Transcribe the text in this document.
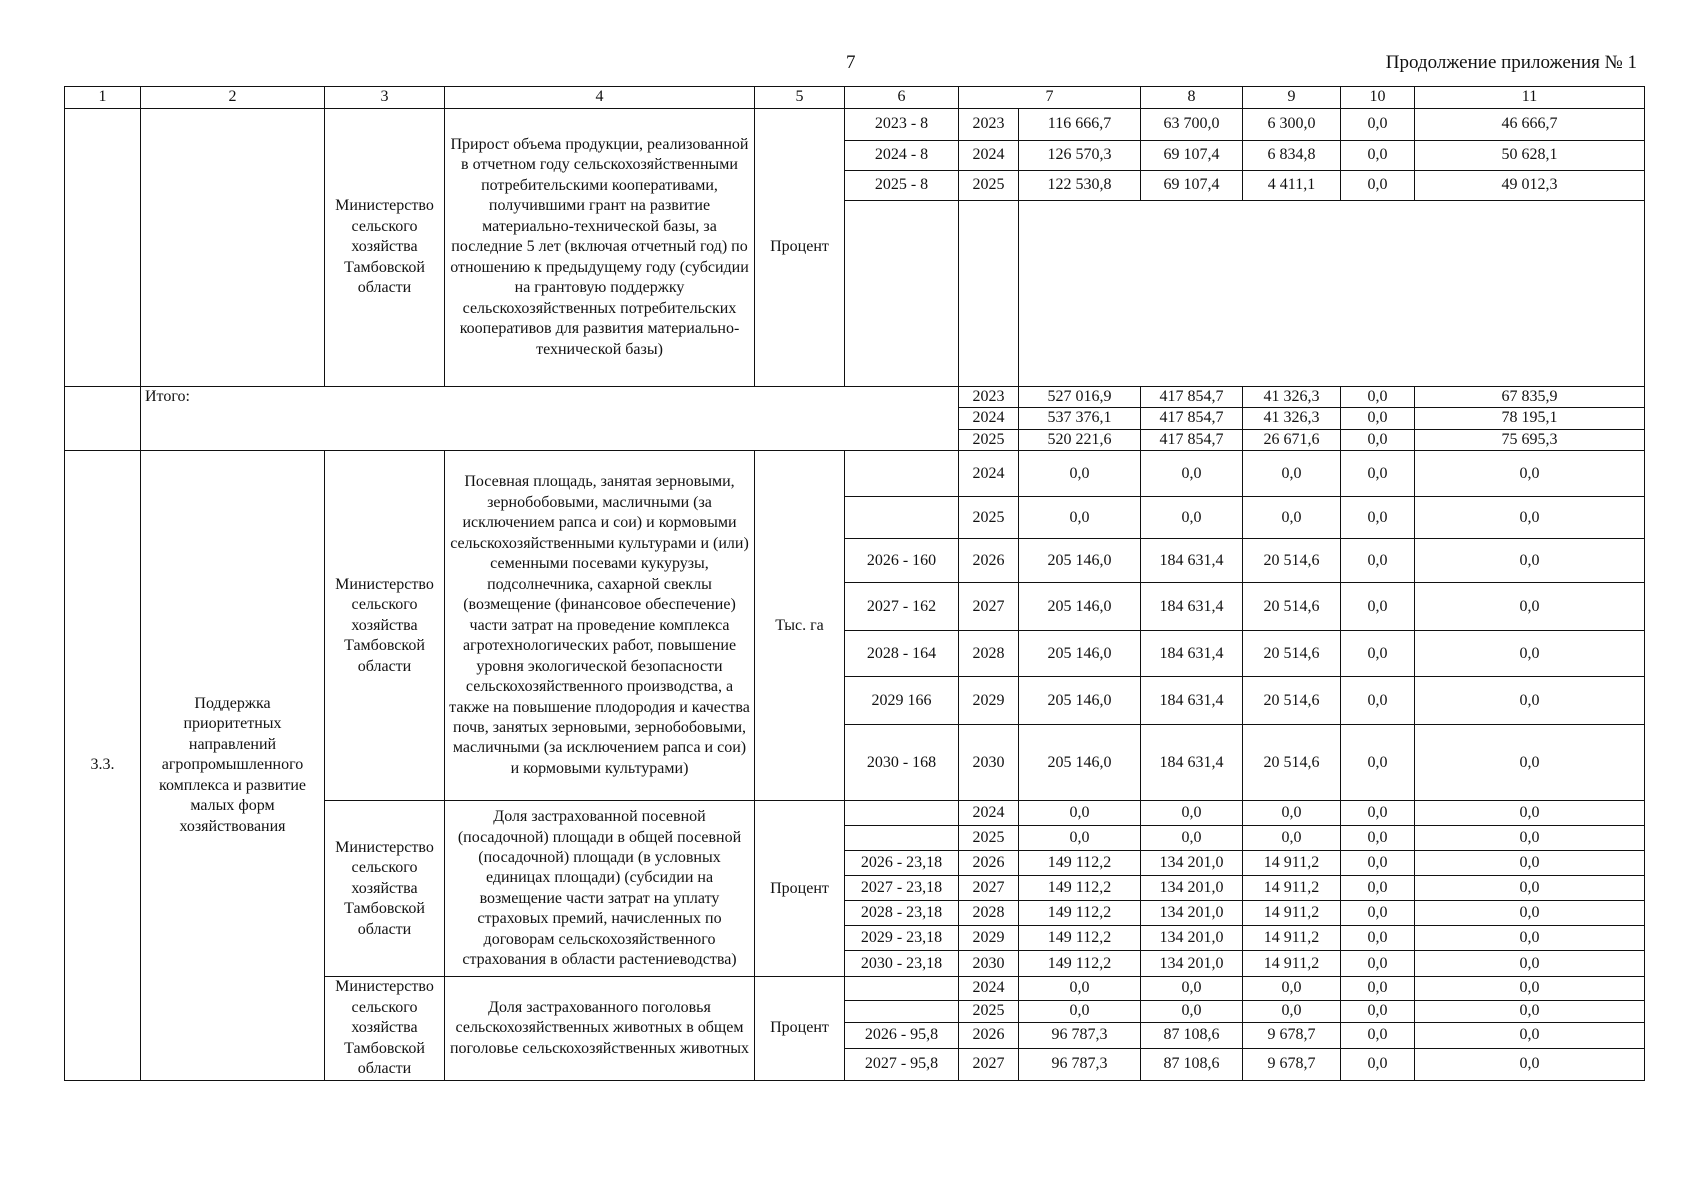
7	Продолжение приложения № 1
1	2	3	4	5	6	7		8	9	10	11
		Министерство сельского хозяйства Тамбовской области	Прирост объема продукции, реализованной в отчетном году сельскохозяйственными потребительскими кооперативами, получившими грант на развитие материально-технической базы, за последние 5 лет (включая отчетный год) по отношению к предыдущему году (субсидии на грантовую поддержку сельскохозяйственных потребительских кооперативов для развития материально-технической базы)	Процент	2023 - 8	2023	116 666,7	63 700,0	6 300,0	0,0	46 666,7
					2024 - 8	2024	126 570,3	69 107,4	6 834,8	0,0	50 628,1
					2025 - 8	2025	122 530,8	69 107,4	4 411,1	0,0	49 012,3

	Итого:					2023	527 016,9	417 854,7	41 326,3	0,0	67 835,9
						2024	537 376,1	417 854,7	41 326,3	0,0	78 195,1
						2025	520 221,6	417 854,7	26 671,6	0,0	75 695,3
3.3.	Поддержка приоритетных направлений агропромышленного комплекса и развитие малых форм хозяйствования	Министерство сельского хозяйства Тамбовской области	Посевная площадь, занятая зерновыми, зернобобовыми, масличными (за исключением рапса и сои) и кормовыми сельскохозяйственными культурами и (или) семенными посевами кукурузы, подсолнечника, сахарной свеклы (возмещение (финансовое обеспечение) части затрат на проведение комплекса агротехнологических работ, повышение уровня экологической безопасности сельскохозяйственного производства, а также на повышение плодородия и качества почв, занятых зерновыми, зернобобовыми, масличными (за исключением рапса и сои) и кормовыми культурами)	Тыс. га		2024	0,0	0,0	0,0	0,0	0,0
						2025	0,0	0,0	0,0	0,0	0,0
					2026 - 160	2026	205 146,0	184 631,4	20 514,6	0,0	0,0
					2027 - 162	2027	205 146,0	184 631,4	20 514,6	0,0	0,0
					2028 - 164	2028	205 146,0	184 631,4	20 514,6	0,0	0,0
					2029 166	2029	205 146,0	184 631,4	20 514,6	0,0	0,0
					2030 - 168	2030	205 146,0	184 631,4	20 514,6	0,0	0,0
		Министерство сельского хозяйства Тамбовской области	Доля застрахованной посевной (посадочной) площади в общей посевной (посадочной) площади (в условных единицах площади) (субсидии на возмещение части затрат на уплату страховых премий, начисленных по договорам сельскохозяйственного страхования в области растениеводства)	Процент		2024	0,0	0,0	0,0	0,0	0,0
						2025	0,0	0,0	0,0	0,0	0,0
					2026 - 23,18	2026	149 112,2	134 201,0	14 911,2	0,0	0,0
					2027 - 23,18	2027	149 112,2	134 201,0	14 911,2	0,0	0,0
					2028 - 23,18	2028	149 112,2	134 201,0	14 911,2	0,0	0,0
					2029 - 23,18	2029	149 112,2	134 201,0	14 911,2	0,0	0,0
					2030 - 23,18	2030	149 112,2	134 201,0	14 911,2	0,0	0,0
		Министерство сельского хозяйства Тамбовской области	Доля застрахованного поголовья сельскохозяйственных животных в общем поголовье сельскохозяйственных животных	Процент		2024	0,0	0,0	0,0	0,0	0,0
						2025	0,0	0,0	0,0	0,0	0,0
					2026 - 95,8	2026	96 787,3	87 108,6	9 678,7	0,0	0,0
					2027 - 95,8	2027	96 787,3	87 108,6	9 678,7	0,0	0,0
